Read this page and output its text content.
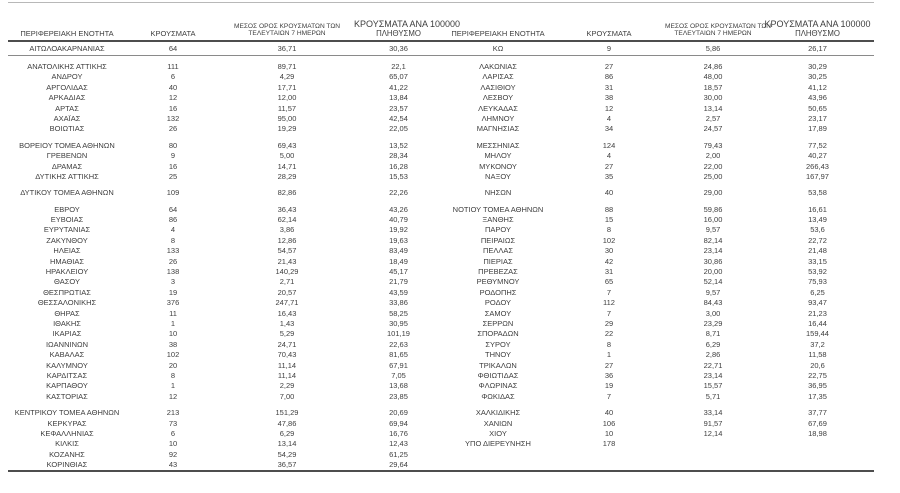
ΠΕΡΙΦΕΡΕΙΑΚΗ ΕΝΟΤΗΤΑ	ΚΡΟΥΣΜΑΤΑ
ΜΕΣΟΣ ΟΡΟΣ ΚΡΟΥΣΜΑΤΩΝ ΤΩΝ
ΤΕΛΕΥΤΑΙΩΝ 7 ΗΜΕΡΩΝ
ΚΡΟΥΣΜΑΤΑ ΑΝΑ 100000
ΠΛΗΘΥΣΜΟ	ΠΕΡΙΦΕΡΕΙΑΚΗ ΕΝΟΤΗΤΑ	ΚΡΟΥΣΜΑΤΑ
ΜΕΣΟΣ ΟΡΟΣ ΚΡΟΥΣΜΑΤΩΝ ΤΩΝ
ΤΕΛΕΥΤΑΙΩΝ 7 ΗΜΕΡΩΝ
ΚΡΟΥΣΜΑΤΑ ΑΝΑ 100000
ΠΛΗΘΥΣΜΟ
ΑΙΤΩΛΟΑΚΑΡΝΑΝΙΑΣ	64	36,71	30,36	ΚΩ	9	5,86	26,17
ΑΝΑΤΟΛΙΚΗΣ ΑΤΤΙΚΗΣ	111	89,71	22,1	ΛΑΚΩΝΙΑΣ	27	24,86	30,29
ΑΝΔΡΟΥ	6	4,29	65,07	ΛΑΡΙΣΑΣ	86	48,00	30,25
ΑΡΓΟΛΙΔΑΣ	40	17,71	41,22	ΛΑΣΙΘΙΟΥ	31	18,57	41,12
ΑΡΚΑΔΙΑΣ	12	12,00	13,84	ΛΕΣΒΟΥ	38	30,00	43,96
ΑΡΤΑΣ	16	11,57	23,57	ΛΕΥΚΑΔΑΣ	12	13,14	50,65
ΑΧΑΪΑΣ	132	95,00	42,54	ΛΗΜΝΟΥ	4	2,57	23,17
ΒΟΙΩΤΙΑΣ	26	19,29	22,05	ΜΑΓΝΗΣΙΑΣ	34	24,57	17,89
ΒΟΡΕΙΟΥ ΤΟΜΕΑ ΑΘΗΝΩΝ	80	69,43	13,52	ΜΕΣΣΗΝΙΑΣ	124	79,43	77,52
ΓΡΕΒΕΝΩΝ	9	5,00	28,34	ΜΗΛΟΥ	4	2,00	40,27
ΔΡΑΜΑΣ	16	14,71	16,28	ΜΥΚΟΝΟΥ	27	22,00	266,43
ΔΥΤΙΚΗΣ ΑΤΤΙΚΗΣ	25	28,29	15,53	ΝΑΞΟΥ	35	25,00	167,97
ΔΥΤΙΚΟΥ ΤΟΜΕΑ ΑΘΗΝΩΝ	109	82,86	22,26	ΝΗΣΩΝ	40	29,00	53,58
ΕΒΡΟΥ	64	36,43	43,26	ΝΟΤΙΟΥ ΤΟΜΕΑ ΑΘΗΝΩΝ	88	59,86	16,61
ΕΥΒΟΙΑΣ	86	62,14	40,79	ΞΑΝΘΗΣ	15	16,00	13,49
ΕΥΡΥΤΑΝΙΑΣ	4	3,86	19,92	ΠΑΡΟΥ	8	9,57	53,6
ΖΑΚΥΝΘΟΥ	8	12,86	19,63	ΠΕΙΡΑΙΩΣ	102	82,14	22,72
ΗΛΕΙΑΣ	133	54,57	83,49	ΠΕΛΛΑΣ	30	23,14	21,48
ΗΜΑΘΙΑΣ	26	21,43	18,49	ΠΙΕΡΙΑΣ	42	30,86	33,15
ΗΡΑΚΛΕΙΟΥ	138	140,29	45,17	ΠΡΕΒΕΖΑΣ	31	20,00	53,92
ΘΑΣΟΥ	3	2,71	21,79	ΡΕΘΥΜΝΟΥ	65	52,14	75,93
ΘΕΣΠΡΩΤΙΑΣ	19	20,57	43,59	ΡΟΔΟΠΗΣ	7	9,57	6,25
ΘΕΣΣΑΛΟΝΙΚΗΣ	376	247,71	33,86	ΡΟΔΟΥ	112	84,43	93,47
ΘΗΡΑΣ	11	16,43	58,25	ΣΑΜΟΥ	7	3,00	21,23
ΙΘΑΚΗΣ	1	1,43	30,95	ΣΕΡΡΩΝ	29	23,29	16,44
ΙΚΑΡΙΑΣ	10	5,29	101,19	ΣΠΟΡΑΔΩΝ	22	8,71	159,44
ΙΩΑΝΝΙΝΩΝ	38	24,71	22,63	ΣΥΡΟΥ	8	6,29	37,2
ΚΑΒΑΛΑΣ	102	70,43	81,65	ΤΗΝΟΥ	1	2,86	11,58
ΚΑΛΥΜΝΟΥ	20	11,14	67,91	ΤΡΙΚΑΛΩΝ	27	22,71	20,6
ΚΑΡΔΙΤΣΑΣ	8	11,14	7,05	ΦΘΙΩΤΙΔΑΣ	36	23,14	22,75
ΚΑΡΠΑΘΟΥ	1	2,29	13,68	ΦΛΩΡΙΝΑΣ	19	15,57	36,95
ΚΑΣΤΟΡΙΑΣ	12	7,00	23,85	ΦΩΚΙΔΑΣ	7	5,71	17,35
ΚΕΝΤΡΙΚΟΥ ΤΟΜΕΑ ΑΘΗΝΩΝ	213	151,29	20,69	ΧΑΛΚΙΔΙΚΗΣ	40	33,14	37,77
ΚΕΡΚΥΡΑΣ	73	47,86	69,94	ΧΑΝΙΩΝ	106	91,57	67,69
ΚΕΦΑΛΛΗΝΙΑΣ	6	6,29	16,76	ΧΙΟΥ	10	12,14	18,98
ΚΙΛΚΙΣ	10	13,14	12,43	ΥΠΟ ΔΙΕΡΕΥΝΗΣΗ	178
ΚΟΖΑΝΗΣ	92	54,29	61,25
ΚΟΡΙΝΘΙΑΣ	43	36,57	29,64
